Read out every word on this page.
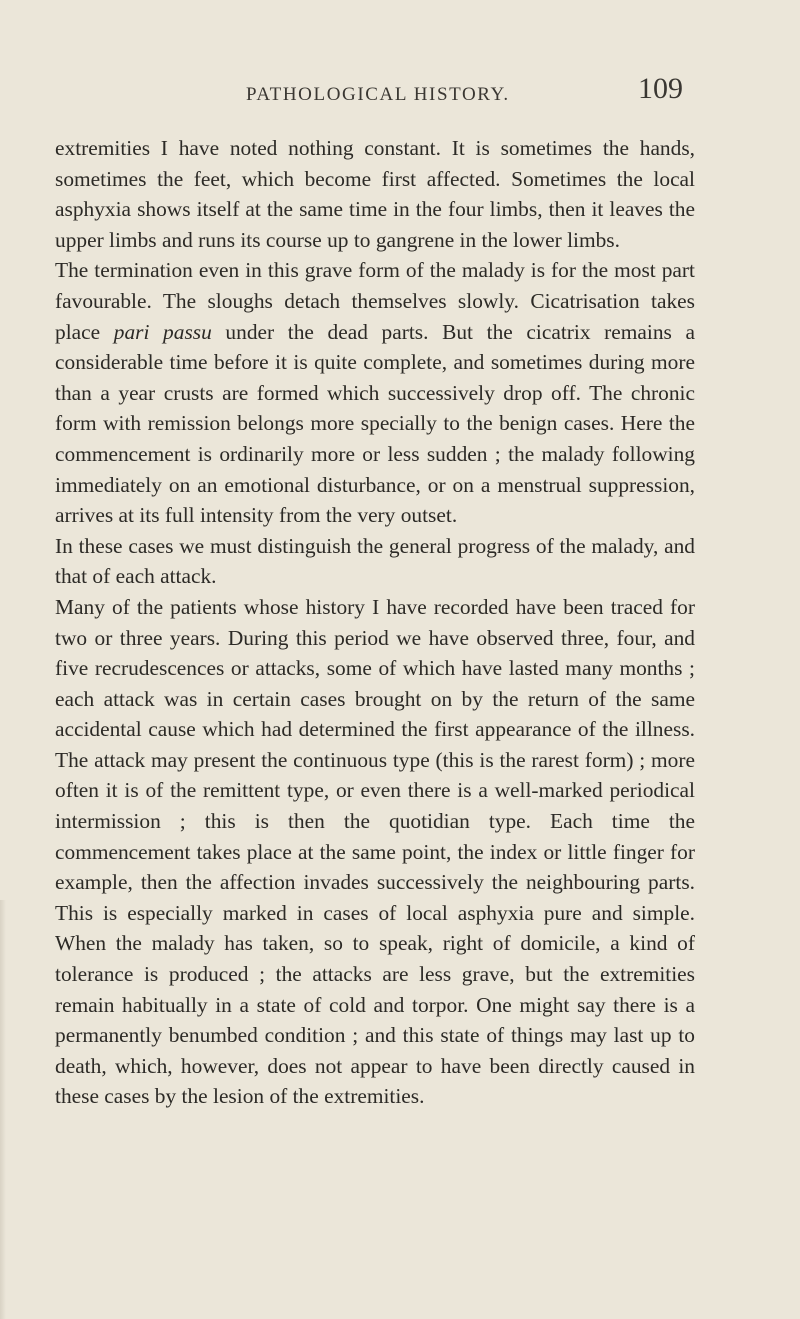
PATHOLOGICAL HISTORY.	109

extremities I have noted nothing constant. It is sometimes the hands, sometimes the feet, which become first affected. Sometimes the local asphyxia shows itself at the same time in the four limbs, then it leaves the upper limbs and runs its course up to gangrene in the lower limbs.

The termination even in this grave form of the malady is for the most part favourable. The sloughs detach themselves slowly. Cicatrisation takes place pari passu under the dead parts. But the cicatrix remains a considerable time before it is quite complete, and sometimes during more than a year crusts are formed which successively drop off. The chronic form with remission belongs more specially to the benign cases. Here the commencement is ordinarily more or less sudden ; the malady following immediately on an emotional disturbance, or on a menstrual suppression, arrives at its full intensity from the very outset.

In these cases we must distinguish the general progress of the malady, and that of each attack.

Many of the patients whose history I have recorded have been traced for two or three years. During this period we have observed three, four, and five recrudescences or attacks, some of which have lasted many months ; each attack was in certain cases brought on by the return of the same accidental cause which had determined the first appearance of the illness. The attack may present the continuous type (this is the rarest form) ; more often it is of the remittent type, or even there is a well-marked periodical intermission ; this is then the quotidian type. Each time the commencement takes place at the same point, the index or little finger for example, then the affection invades successively the neighbouring parts. This is especially marked in cases of local asphyxia pure and simple. When the malady has taken, so to speak, right of domicile, a kind of tolerance is produced ; the attacks are less grave, but the extremities remain habitually in a state of cold and torpor. One might say there is a permanently benumbed condition ; and this state of things may last up to death, which, however, does not appear to have been directly caused in these cases by the lesion of the extremities.
